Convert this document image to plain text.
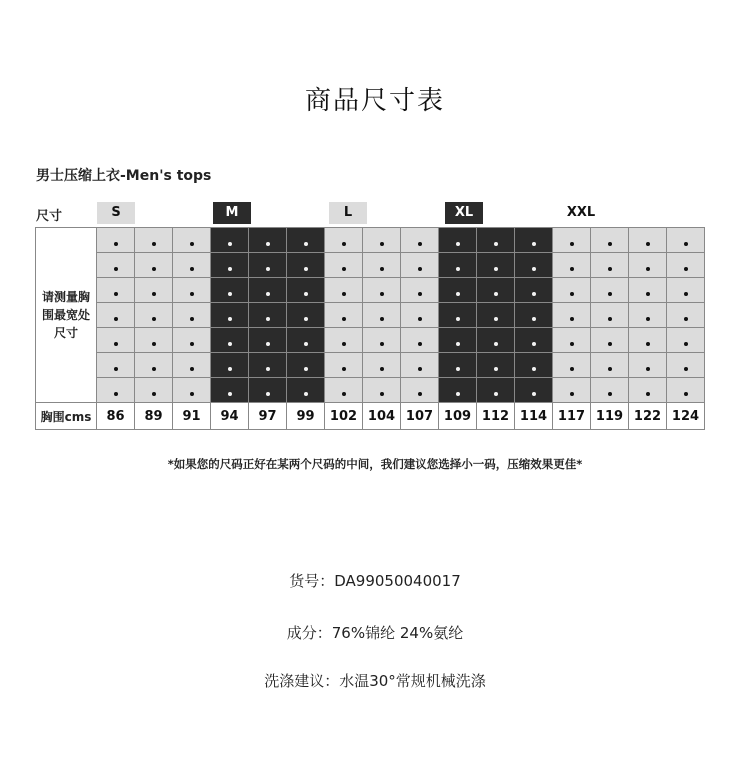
商品尺寸表
男士压缩上衣-Men's tops
尺寸	S	M	L	XL	XXL
请测量胸
围最宽处
尺寸																

胸围cms	86	89	91	94	97	99	102	104	107	109	112	114	117	119	122	124
*如果您的尺码正好在某两个尺码的中间，我们建议您选择小一码，压缩效果更佳*
货号：DA99050040017
成分：76%锦纶 24%氨纶
洗涤建议：水温30°常规机械洗涤
